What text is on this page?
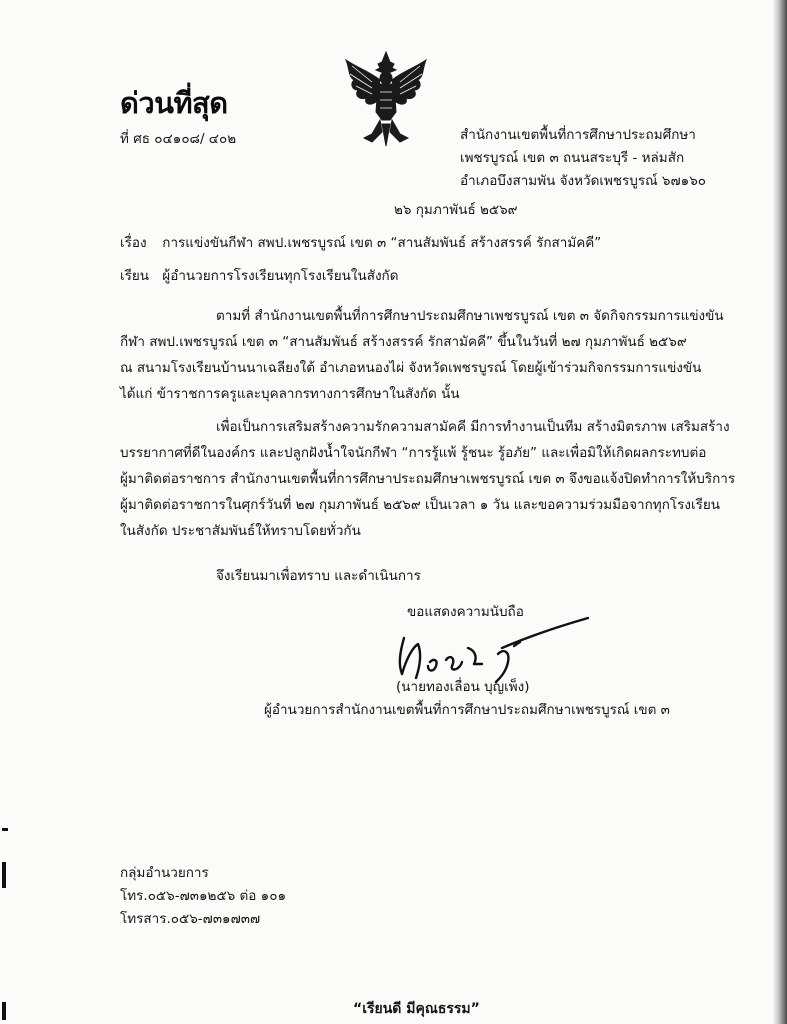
ด่วนที่สุด
ที่ ศธ ๐๔๑๐๘/ ๔๐๒	สำนักงานเขตพื้นที่การศึกษาประถมศึกษา
เพชรบูรณ์ เขต ๓ ถนนสระบุรี - หล่มสัก
อำเภอบึงสามพัน จังหวัดเพชรบูรณ์ ๖๗๑๖๐
๒๖ กุมภาพันธ์ ๒๕๖๙
เรื่อง การแข่งขันกีฬา สพป.เพชรบูรณ์ เขต ๓ “สานสัมพันธ์ สร้างสรรค์ รักสามัคคี”
เรียน ผู้อำนวยการโรงเรียนทุกโรงเรียนในสังกัด
ตามที่ สำนักงานเขตพื้นที่การศึกษาประถมศึกษาเพชรบูรณ์ เขต ๓ จัดกิจกรรมการแข่งขัน
กีฬา สพป.เพชรบูรณ์ เขต ๓ “สานสัมพันธ์ สร้างสรรค์ รักสามัคคี” ขึ้นในวันที่ ๒๗ กุมภาพันธ์ ๒๕๖๙
ณ สนามโรงเรียนบ้านนาเฉลียงใต้ อำเภอหนองไผ่ จังหวัดเพชรบูรณ์ โดยผู้เข้าร่วมกิจกรรมการแข่งขัน
ได้แก่ ข้าราชการครูและบุคลากรทางการศึกษาในสังกัด นั้น
เพื่อเป็นการเสริมสร้างความรักความสามัคคี มีการทำงานเป็นทีม สร้างมิตรภาพ เสริมสร้าง
บรรยากาศที่ดีในองค์กร และปลูกฝังน้ำใจนักกีฬา “การรู้แพ้ รู้ชนะ รู้อภัย” และเพื่อมิให้เกิดผลกระทบต่อ
ผู้มาติดต่อราชการ สำนักงานเขตพื้นที่การศึกษาประถมศึกษาเพชรบูรณ์ เขต ๓ จึงขอแจ้งปิดทำการให้บริการ
ผู้มาติดต่อราชการในศุกร์วันที่ ๒๗ กุมภาพันธ์ ๒๕๖๙ เป็นเวลา ๑ วัน และขอความร่วมมือจากทุกโรงเรียน
ในสังกัด ประชาสัมพันธ์ให้ทราบโดยทั่วกัน
จึงเรียนมาเพื่อทราบ และดำเนินการ
ขอแสดงความนับถือ
(นายทองเลื่อน บุญเพ็ง)
ผู้อำนวยการสำนักงานเขตพื้นที่การศึกษาประถมศึกษาเพชรบูรณ์ เขต ๓
กลุ่มอำนวยการ
โทร.๐๕๖-๗๓๑๒๕๖ ต่อ ๑๐๑
โทรสาร.๐๕๖-๗๓๑๗๓๗
“เรียนดี มีคุณธรรม”
